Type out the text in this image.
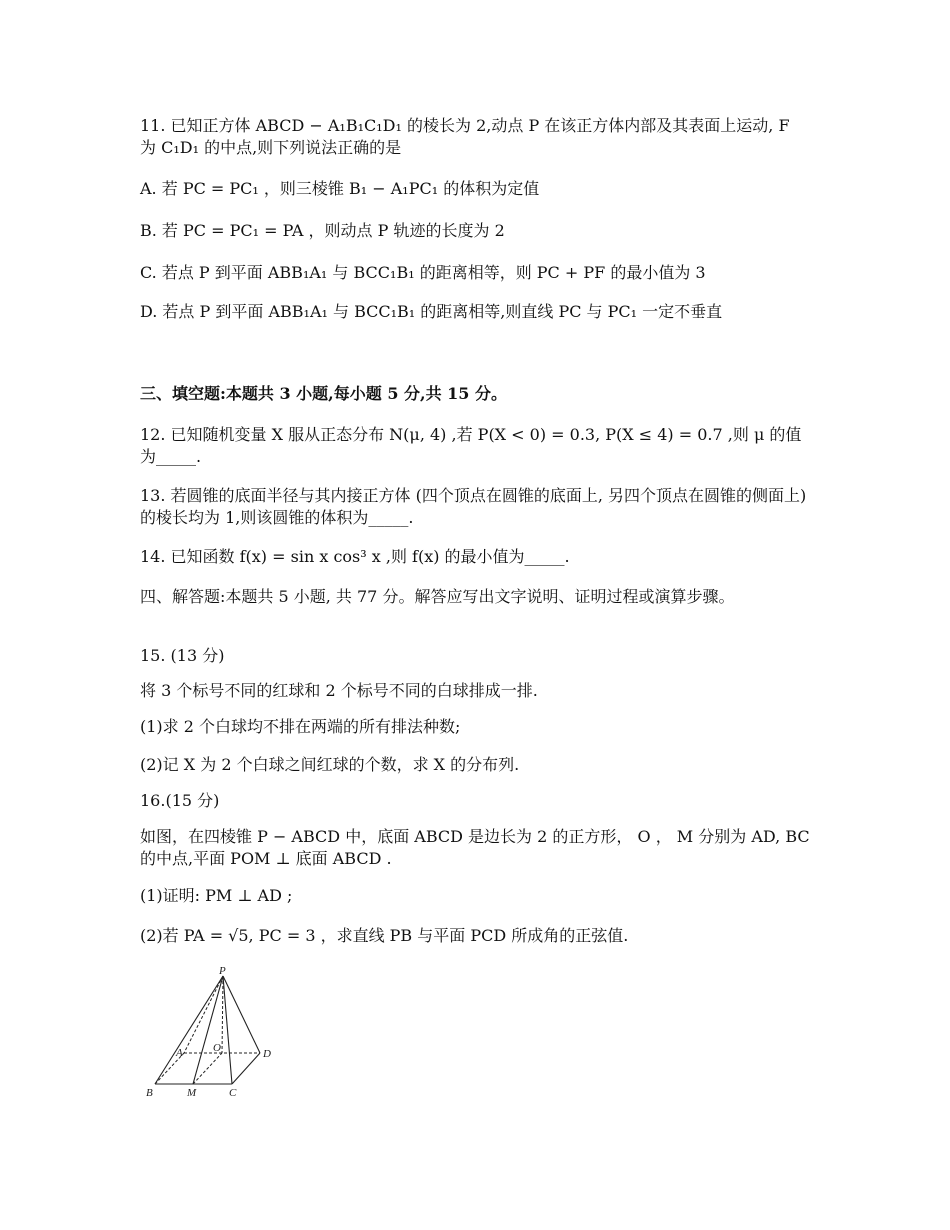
11. 已知正方体 ABCD − A₁B₁C₁D₁ 的棱长为 2,动点 P 在该正方体内部及其表面上运动, F 为 C₁D₁ 的中点,则下列说法正确的是

A. 若 PC = PC₁ ，则三棱锥 B₁ − A₁PC₁ 的体积为定值

B. 若 PC = PC₁ = PA ，则动点 P 轨迹的长度为 2

C. 若点 P 到平面 ABB₁A₁ 与 BCC₁B₁ 的距离相等，则 PC + PF 的最小值为 3

D. 若点 P 到平面 ABB₁A₁ 与 BCC₁B₁ 的距离相等,则直线 PC 与 PC₁ 一定不垂直

三、填空题:本题共 3 小题,每小题 5 分,共 15 分。

12. 已知随机变量 X 服从正态分布 N(μ, 4) ,若 P(X < 0) = 0.3, P(X ≤ 4) = 0.7 ,则 μ 的值为_____.

13. 若圆锥的底面半径与其内接正方体 (四个顶点在圆锥的底面上, 另四个顶点在圆锥的侧面上) 的棱长均为 1,则该圆锥的体积为_____.

14. 已知函数 f(x) = sin x cos³ x ,则 f(x) 的最小值为_____.

四、解答题:本题共 5 小题, 共 77 分。解答应写出文字说明、证明过程或演算步骤。

15. (13 分)

将 3 个标号不同的红球和 2 个标号不同的白球排成一排.

(1)求 2 个白球均不排在两端的所有排法种数;

(2)记 X 为 2 个白球之间红球的个数，求 X 的分布列.

16.(15 分)

如图，在四棱锥 P − ABCD 中，底面 ABCD 是边长为 2 的正方形， O ， M 分别为 AD, BC 的中点,平面 POM ⊥ 底面 ABCD .

(1)证明: PM ⊥ AD ;

(2)若 PA = √5, PC = 3 ，求直线 PB 与平面 PCD 所成角的正弦值.

P
A	O	D
B	M	C
